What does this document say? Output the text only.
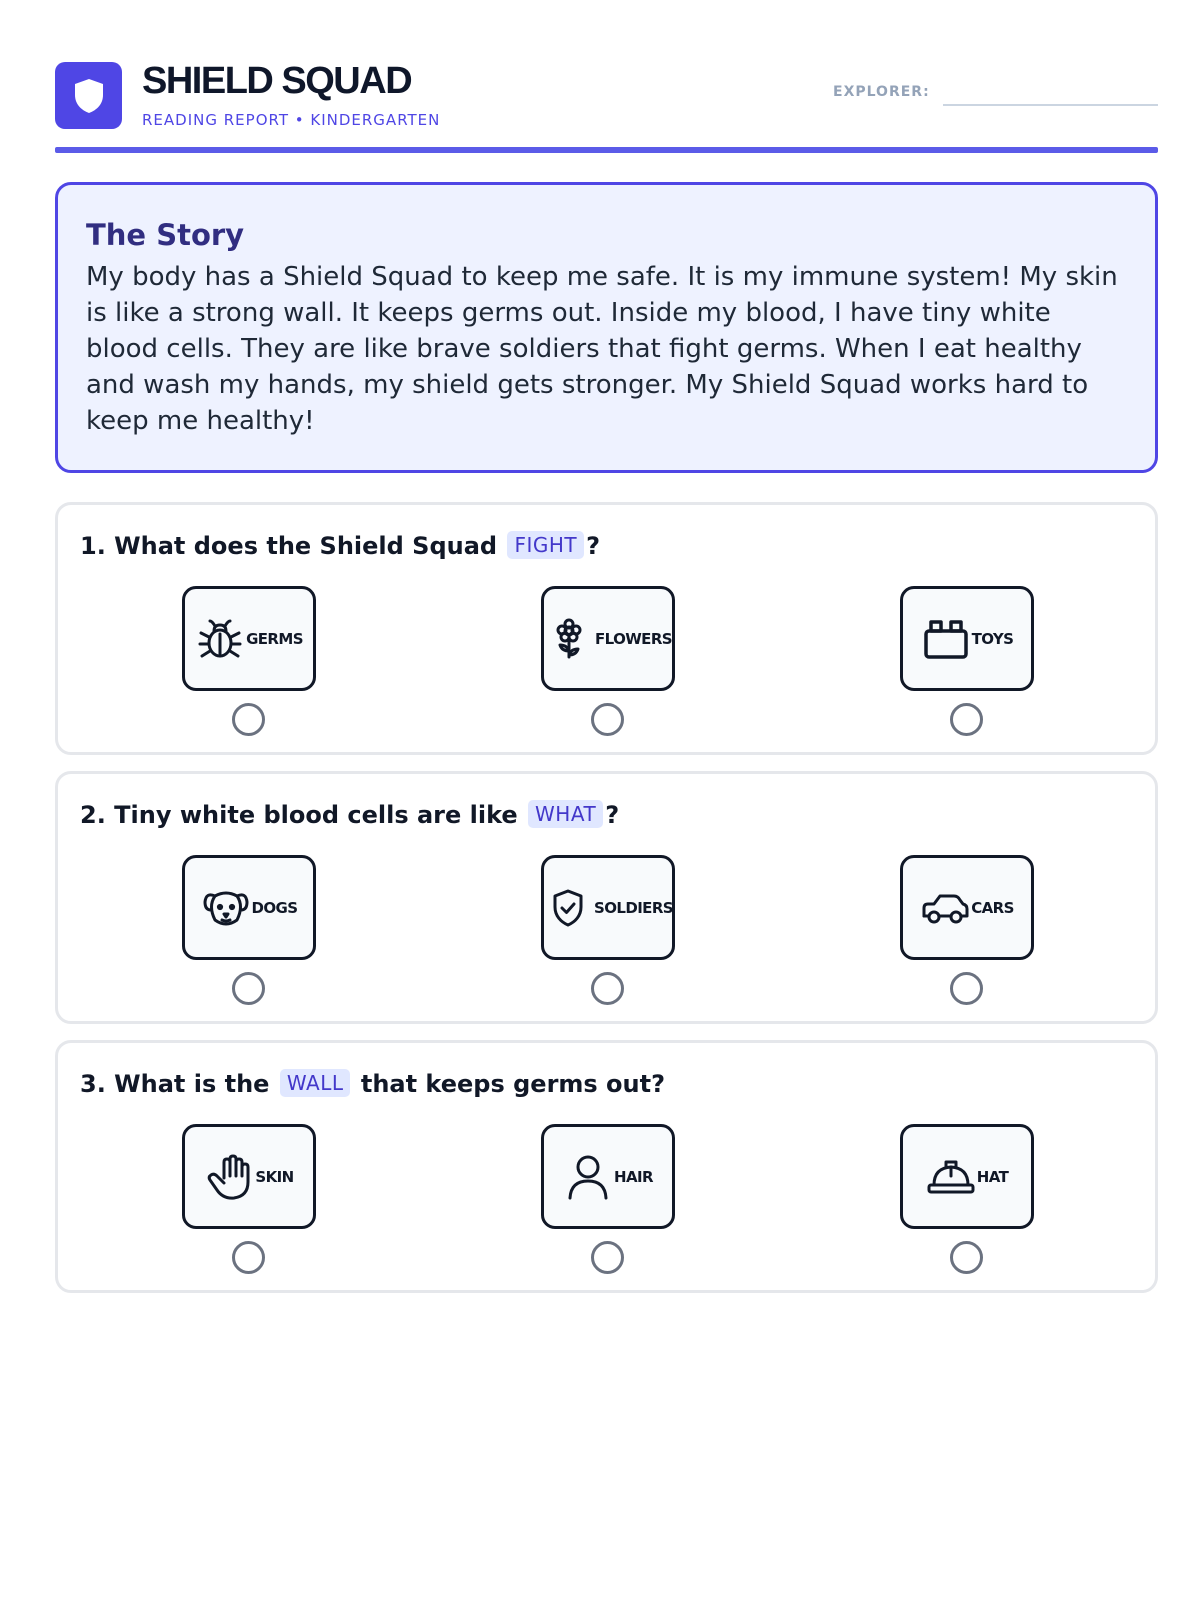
SHIELD SQUAD
READING REPORT • KINDERGARTEN
EXPLORER:
The Story
My body has a Shield Squad to keep me safe. It is my immune system! My skin is like a strong wall. It keeps germs out. Inside my blood, I have tiny white blood cells. They are like brave soldiers that fight germs. When I eat healthy and wash my hands, my shield gets stronger. My Shield Squad works hard to keep me healthy!
1. What does the Shield Squad FIGHT ?
GERMS	FLOWERS	TOYS
2. Tiny white blood cells are like WHAT ?
DOGS	SOLDIERS	CARS
3. What is the WALL that keeps germs out?
SKIN	HAIR	HAT
